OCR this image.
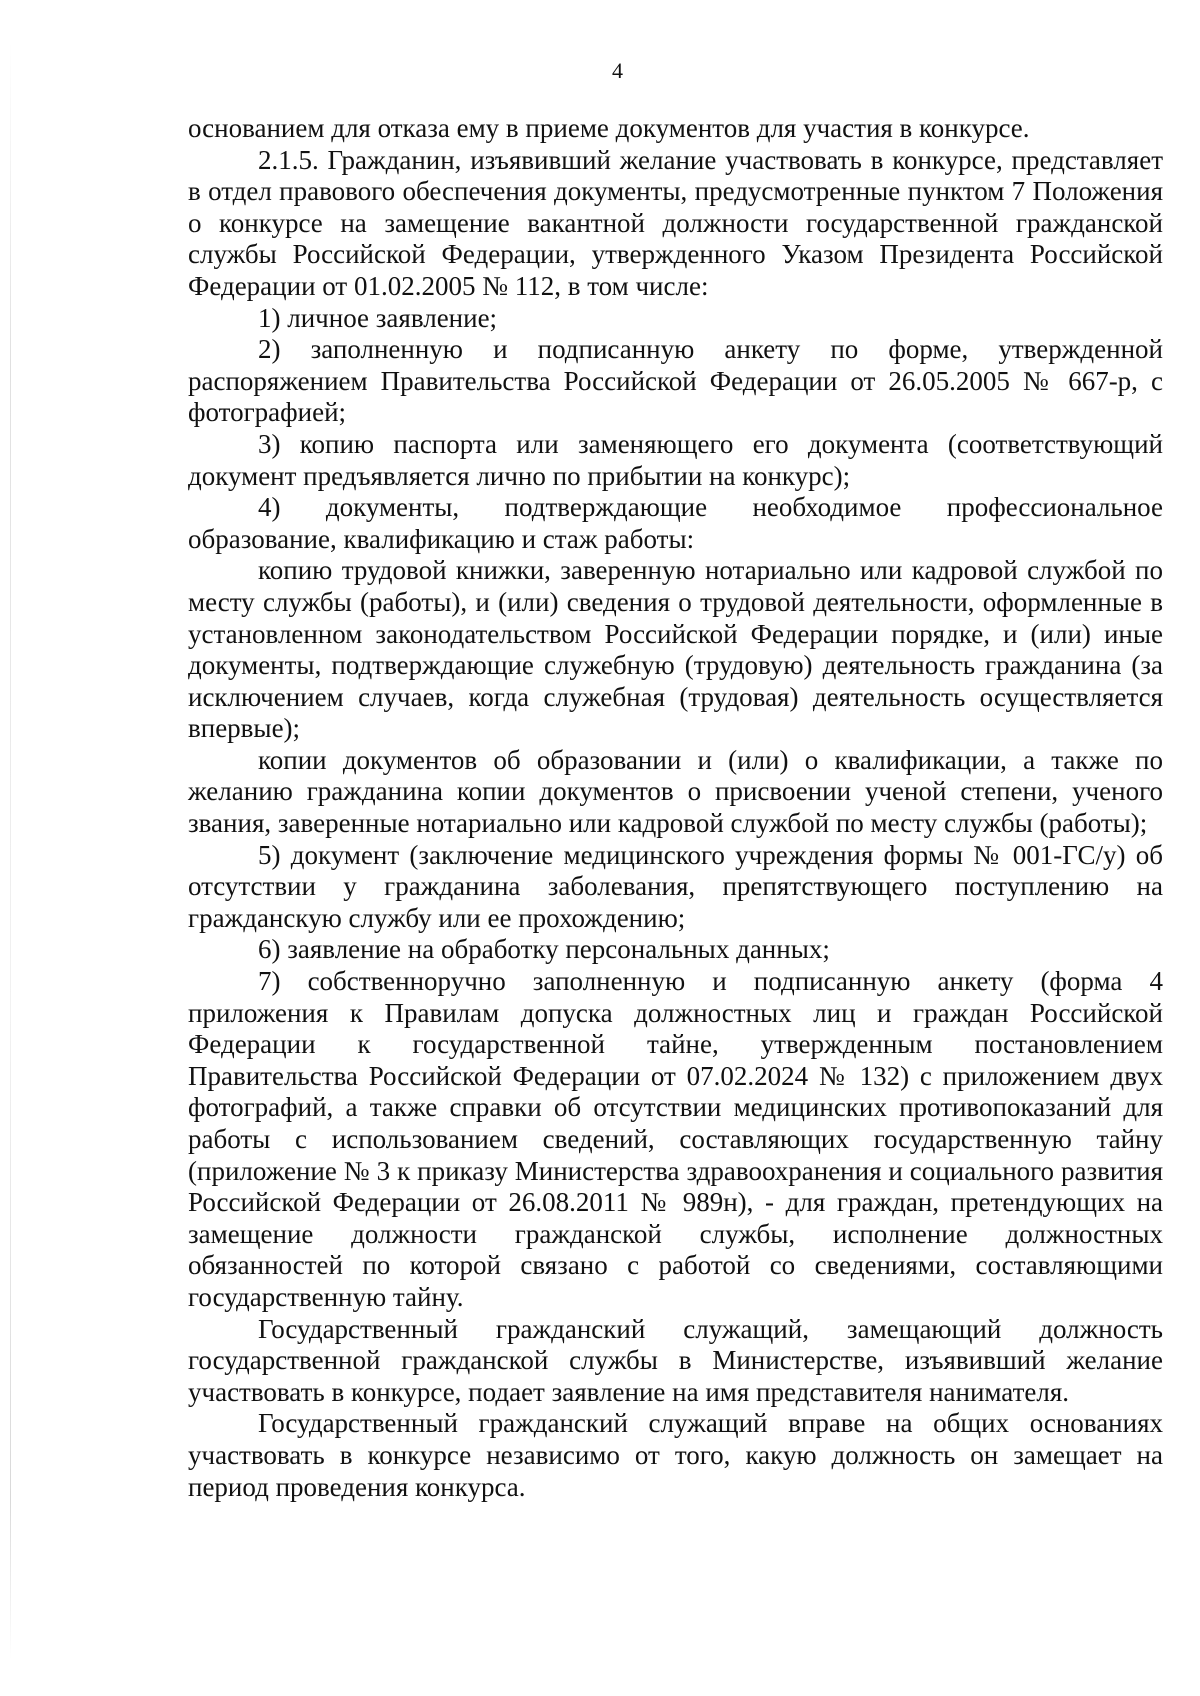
4

основанием для отказа ему в приеме документов для участия в конкурсе.

2.1.5. Гражданин, изъявивший желание участвовать в конкурсе, представляет в отдел правового обеспечения документы, предусмотренные пунктом 7 Положения о конкурсе на замещение вакантной должности государственной гражданской службы Российской Федерации, утвержденного Указом Президента Российской Федерации от 01.02.2005 № 112, в том числе:

1) личное заявление;

2) заполненную и подписанную анкету по форме, утвержденной распоряжением Правительства Российской Федерации от 26.05.2005 № 667-р, с фотографией;

3) копию паспорта или заменяющего его документа (соответствующий документ предъявляется лично по прибытии на конкурс);

4) документы, подтверждающие необходимое профессиональное образование, квалификацию и стаж работы:

копию трудовой книжки, заверенную нотариально или кадровой службой по месту службы (работы), и (или) сведения о трудовой деятельности, оформленные в установленном законодательством Российской Федерации порядке, и (или) иные документы, подтверждающие служебную (трудовую) деятельность гражданина (за исключением случаев, когда служебная (трудовая) деятельность осуществляется впервые);

копии документов об образовании и (или) о квалификации, а также по желанию гражданина копии документов о присвоении ученой степени, ученого звания, заверенные нотариально или кадровой службой по месту службы (работы);

5) документ (заключение медицинского учреждения формы № 001-ГС/у) об отсутствии у гражданина заболевания, препятствующего поступлению на гражданскую службу или ее прохождению;

6) заявление на обработку персональных данных;

7) собственноручно заполненную и подписанную анкету (форма 4 приложения к Правилам допуска должностных лиц и граждан Российской Федерации к государственной тайне, утвержденным постановлением Правительства Российской Федерации от 07.02.2024 № 132) с приложением двух фотографий, а также справки об отсутствии медицинских противопоказаний для работы с использованием сведений, составляющих государственную тайну (приложение № 3 к приказу Министерства здравоохранения и социального развития Российской Федерации от 26.08.2011 № 989н), - для граждан, претендующих на замещение должности гражданской службы, исполнение должностных обязанностей по которой связано с работой со сведениями, составляющими государственную тайну.

Государственный гражданский служащий, замещающий должность государственной гражданской службы в Министерстве, изъявивший желание участвовать в конкурсе, подает заявление на имя представителя нанимателя.

Государственный гражданский служащий вправе на общих основаниях участвовать в конкурсе независимо от того, какую должность он замещает на период проведения конкурса.
